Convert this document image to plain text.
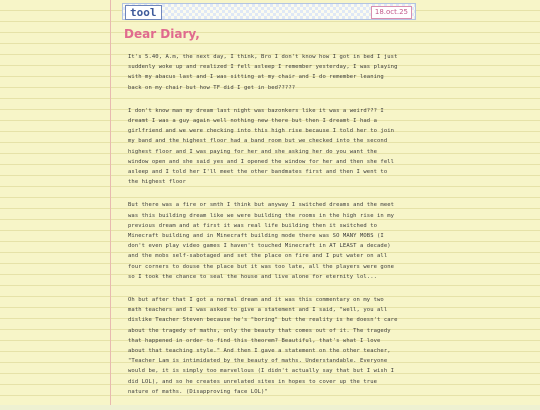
tool	18.oct.25
Dear Diary,

It's 5.40, A.m, the next day, I think, Bro I don't know how I got in bed I just suddenly woke up and realized I fell asleep I remember yesterday, I was playing with my abacus last and I was sitting at my chair and I do remember leaning back on my chair but how TF did I get in bed?????

I don't know man my dream last night was bazonkers like it was a weird??? I dreamt I was a guy again well nothing new there but then I dreamt I had a girlfriend and we were checking into this high rise because I told her to join my band and the highest floor had a band room but we checked into the second highest floor and I was paying for her and she asking her do you want the window open and she said yes and I opened the window for her and then she fell asleep and I told her I'll meet the other bandmates first and then I went to the highest floor

But there was a fire or smth I think but anyway I switched dreams and the meet was this building dream like we were building the rooms in the high rise in my previous dream and at first it was real life building then it switched to Minecraft building and in Minecraft building mode there was SO MANY MOBS (I don't even play video games I haven't touched Minecraft in AT LEAST a decade) and the mobs self-sabotaged and set the place on fire and I put water on all four corners to douse the place but it was too late, all the players were gone so I took the chance to seal the house and live alone for eternity lol...

Oh but after that I got a normal dream and it was this commentary on my two math teachers and I was asked to give a statement and I said, "well, you all dislike Teacher Steven because he's "boring" but the reality is he doesn't care about the tragedy of maths, only the beauty that comes out of it. The tragedy that happened in order to find this theorem? Beautiful, that's what I love about that teaching style." And then I gave a statement on the other teacher, "Teacher Lam is intimidated by the beauty of maths. Understandable. Everyone would be, it is simply too marvellous (I didn't actually say that but I wish I did LOL), and so he creates unrelated sites in hopes to cover up the true nature of maths. (Disapproving face LOL)"
